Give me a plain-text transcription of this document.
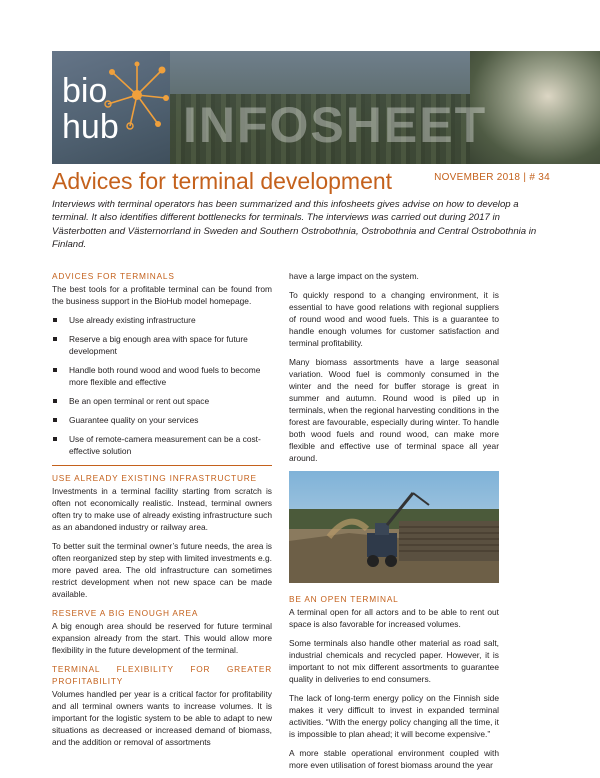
bio
hub INFOSHEET
NOVEMBER 2018 | # 34
Advices for terminal development

Interviews with terminal operators has been summarized and this infosheets gives advise on how to develop a terminal. It also identifies different bottlenecks for terminals. The interviews was carried out during 2017 in Västerbotten and Västernorrland in Sweden and Southern Ostrobothnia, Ostrobothnia and Central Ostrobothnia in Finland.

ADVICES FOR TERMINALS

The best tools for a profitable terminal can be found from the business support in the BioHub model homepage.

Use already existing infrastructure
Reserve a big enough area with space for future development
Handle both round wood and wood fuels to become more flexible and effective
Be an open terminal or rent out space
Guarantee quality on your services
Use of remote-camera measurement can be a cost-effective solution
USE ALREADY EXISTING INFRASTRUCTURE

Investments in a terminal facility starting from scratch is often not economically realistic. Instead, terminal owners often try to make use of already existing infrastructure such as an abandoned industry or railway area.

To better suit the terminal owner’s future needs, the area is often reorganized step by step with limited investments e.g. more paved area. The old infrastructure can sometimes restrict development when not new space can be made available.

RESERVE A BIG ENOUGH AREA

A big enough area should be reserved for future terminal expansion already from the start. This would allow more flexibility in the future development of the terminal.

TERMINAL FLEXIBILITY FOR GREATER PROFITABILITY

Volumes handled per year is a critical factor for profitability and all terminal owners wants to increase volumes. It is important for the logistic system to be able to adapt to new situations as decreased or increased demand of biomass, and the addition or removal of assortments

have a large impact on the system.

To quickly respond to a changing environment, it is essential to have good relations with regional suppliers of round wood and wood fuels. This is a guarantee to handle enough volumes for customer satisfaction and terminal profitability.

Many biomass assortments have a large seasonal variation. Wood fuel is commonly consumed in the winter and the need for buffer storage is great in summer and autumn. Round wood is piled up in terminals, when the regional harvesting conditions in the forest are favourable, especially during winter. To handle both wood fuels and round wood, can make more flexible and effective use of terminal space all year around.

BE AN OPEN TERMINAL

A terminal open for all actors and to be able to rent out space is also favorable for increased volumes.

Some terminals also handle other material as road salt, industrial chemicals and recycled paper. However, it is important to not mix different assortments to guarantee quality in deliveries to end consumers.

The lack of long-term energy policy on the Finnish side makes it very difficult to invest in expanded terminal activities. “With the energy policy changing all the time, it is impossible to plan ahead; it will become expensive.”

A more stable operational environment coupled with more even utilisation of forest biomass around the year
